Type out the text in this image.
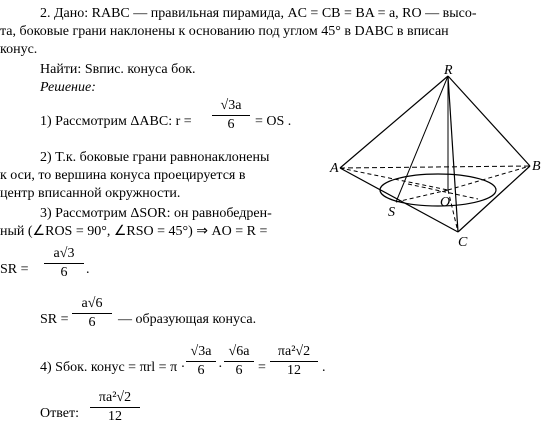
2. Дано: RABC — правильная пирамида, AC = CB = BA = a, RO — высо-
та, боковые грани наклонены к основанию под углом 45° в DABC в вписан
конус.
Найти: Sвпис. конуса бок.
Решение:
1) Рассмотрим ΔABC: r =
√3a
6	= OS .
2) Т.к. боковые грани равнонаклонены
к оси, то вершина конуса проецируется в
центр вписанной окружности.
3) Рассмотрим ΔSOR: он равнобедрен-
ный (∠ROS = 90°, ∠RSO = 45°) ⇒ AO = R =
SR =
a√3
6	.
SR =
a√6
6	— образующая конуса.
4) Sбок. конус = πrl = π ·
√3a
6 ·
√6a
6	=
πa²√2
12	.
Ответ:
πa²√2
12
R
A	B
C
O
S
